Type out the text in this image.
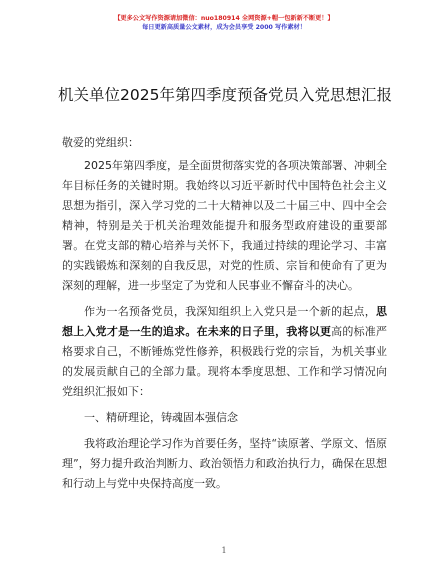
【更多公文写作资源请加微信：nuo180914 全网资源+帽一包新新不断更！】
每日更新高质量公文素材，成为会员享受 2000 写作素材！
机关单位2025年第四季度预备党员入党思想汇报

敬爱的党组织：

2025年第四季度，是全面贯彻落实党的各项决策部署、冲刺全年目标任务的关键时期。我始终以习近平新时代中国特色社会主义思想为指引，深入学习党的二十大精神以及二十届三中、四中全会精神，特别是关于机关治理效能提升和服务型政府建设的重要部署。在党支部的精心培养与关怀下，我通过持续的理论学习、丰富的实践锻炼和深刻的自我反思，对党的性质、宗旨和使命有了更为深刻的理解，进一步坚定了为党和人民事业不懈奋斗的决心。

作为一名预备党员，我深知组织上入党只是一个新的起点，思想上入党才是一生的追求。在未来的日子里，我将以更高的标准严格要求自己，不断锤炼党性修养，积极践行党的宗旨，为机关事业的发展贡献自己的全部力量。现将本季度思想、工作和学习情况向党组织汇报如下：

一、精研理论，铸魂固本强信念

我将政治理论学习作为首要任务，坚持“读原著、学原文、悟原理”，努力提升政治判断力、政治领悟力和政治执行力，确保在思想和行动上与党中央保持高度一致。

1
